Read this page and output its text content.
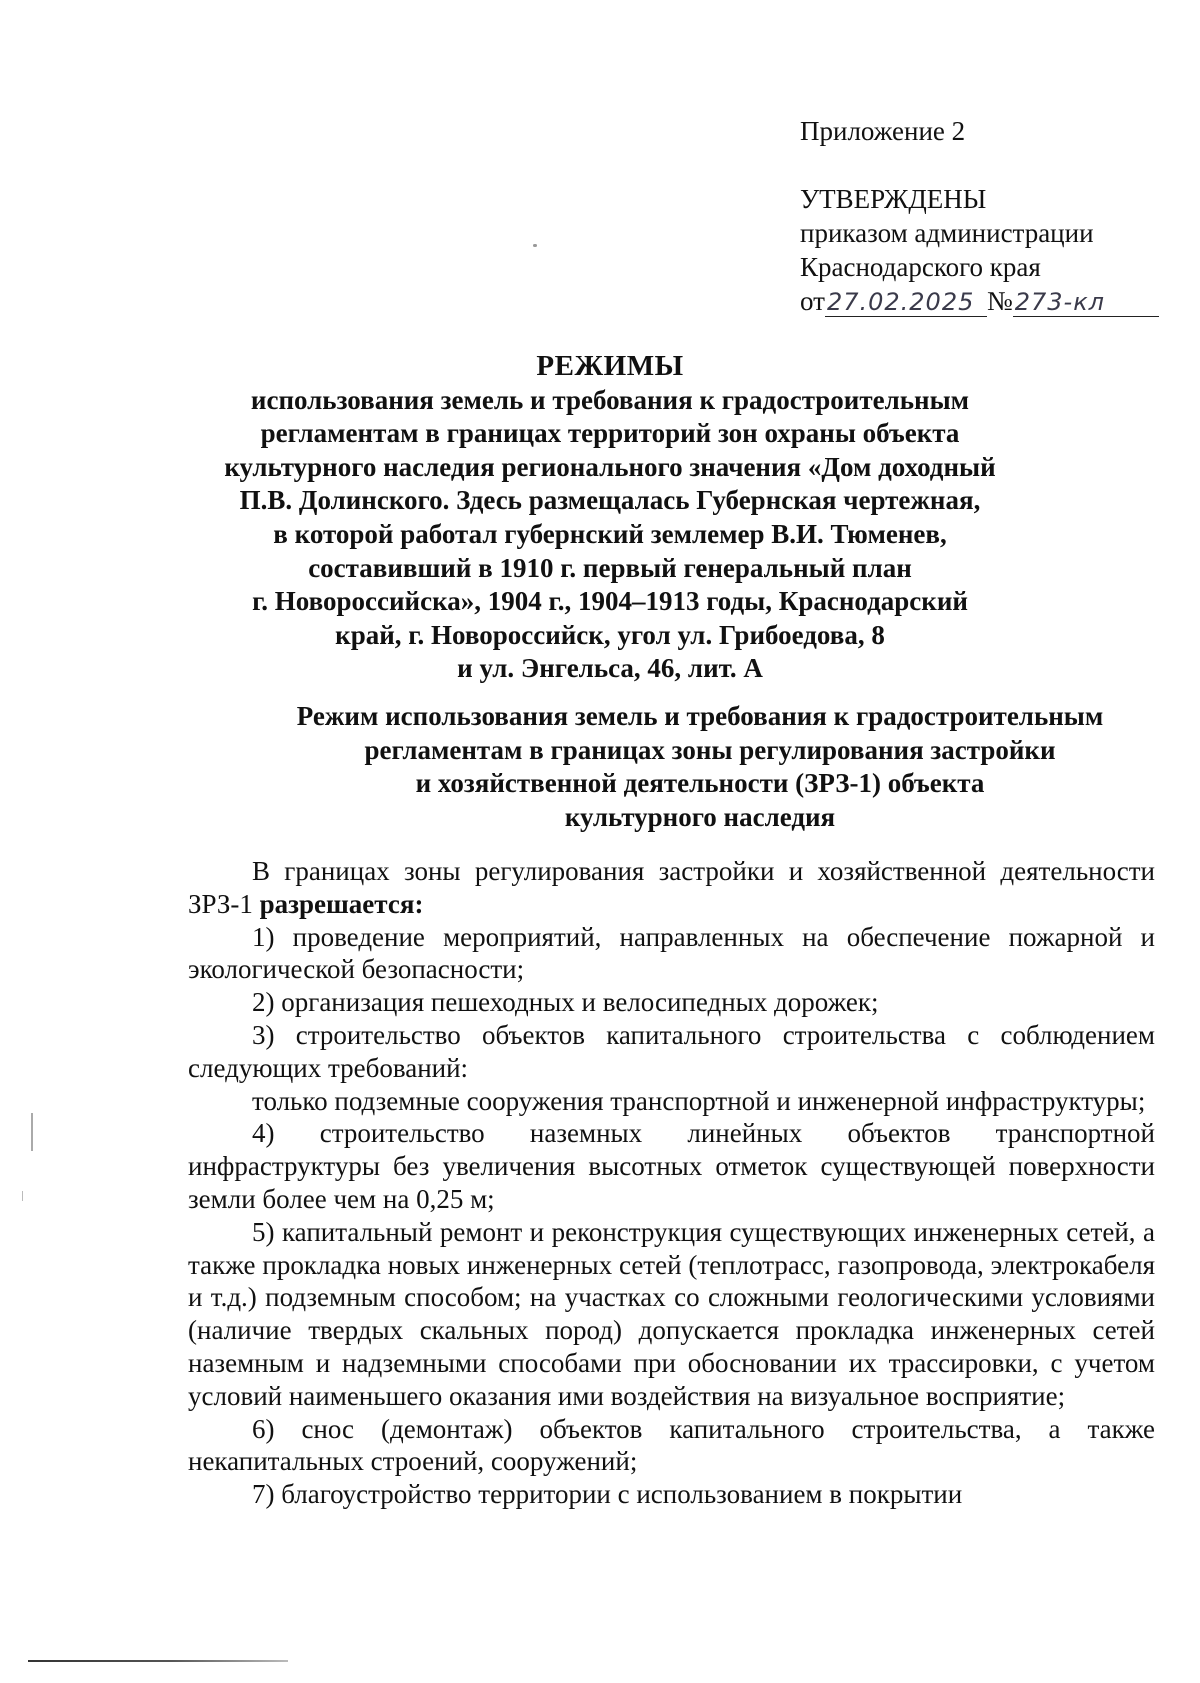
Приложение 2
УТВЕРЖДЕНЫ
приказом администрации
Краснодарского края
от27.02.2025 №273-кл
РЕЖИМЫ
использования земель и требования к градостроительным
регламентам в границах территорий зон охраны объекта
культурного наследия регионального значения «Дом доходный
П.В. Долинского. Здесь размещалась Губернская чертежная,
в которой работал губернский землемер В.И. Тюменев,
составивший в 1910 г. первый генеральный план
г. Новороссийска», 1904 г., 1904–1913 годы, Краснодарский
край, г. Новороссийск, угол ул. Грибоедова, 8
и ул. Энгельса, 46, лит. А
Режим использования земель и требования к градостроительным
регламентам в границах зоны регулирования застройки
и хозяйственной деятельности (ЗРЗ-1) объекта
культурного наследия

В границах зоны регулирования застройки и хозяйственной деятельности ЗРЗ-1 разрешается:

1) проведение мероприятий, направленных на обеспечение пожарной и экологической безопасности;

2) организация пешеходных и велосипедных дорожек;

3) строительство объектов капитального строительства с соблюдением следующих требований:

только подземные сооружения транспортной и инженерной инфраструктуры;

4) строительство наземных линейных объектов транспортной инфраструктуры без увеличения высотных отметок существующей поверхности земли более чем на 0,25 м;

5) капитальный ремонт и реконструкция существующих инженерных сетей, а также прокладка новых инженерных сетей (теплотрасс, газопровода, электрокабеля и т.д.) подземным способом; на участках со сложными геологическими условиями (наличие твердых скальных пород) допускается прокладка инженерных сетей наземным и надземными способами при обосновании их трассировки, с учетом условий наименьшего оказания ими воздействия на визуальное восприятие;

6) снос (демонтаж) объектов капитального строительства, а также некапитальных строений, сооружений;

7) благоустройство территории с использованием в покрытии
